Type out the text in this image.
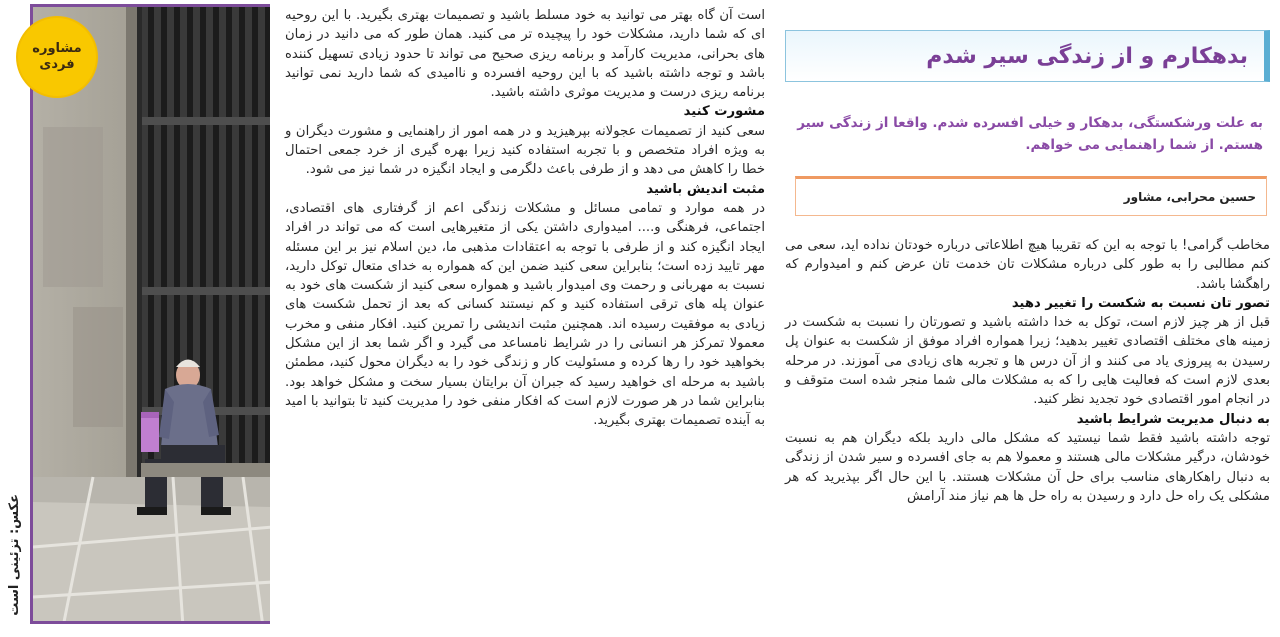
عکس: تزئینی است
مشاوره
فردی

است آن گاه بهتر می توانید به خود مسلط باشید و تصمیمات بهتری بگیرید. با این روحیه ای که شما دارید، مشکلات خود را پیچیده تر می کنید. همان طور که می دانید در زمان های بحرانی، مدیریت کارآمد و برنامه ریزی صحیح می تواند تا حدود زیادی تسهیل کننده باشد و توجه داشته باشید که با این روحیه افسرده و ناامیدی که شما دارید نمی توانید برنامه ریزی درست و مدیریت موثری داشته باشید.

مشورت کنید

سعی کنید از تصمیمات عجولانه بپرهیزید و در همه امور از راهنمایی و مشورت دیگران و به ویژه افراد متخصص و با تجربه استفاده کنید زیرا بهره گیری از خرد جمعی احتمال خطا را کاهش می دهد و از طرفی باعث دلگرمی و ایجاد انگیزه در شما نیز می شود.

مثبت اندیش باشید

در همه موارد و تمامی مسائل و مشکلات زندگی اعم از گرفتاری های اقتصادی، اجتماعی، فرهنگی و.... امیدواری داشتن یکی از متغیرهایی است که می تواند در افراد ایجاد انگیزه کند و از طرفی با توجه به اعتقادات مذهبی ما، دین اسلام نیز بر این مسئله مهر تایید زده است؛ بنابراین سعی کنید ضمن این که همواره به خدای متعال توکل دارید، نسبت به مهربانی و رحمت وی امیدوار باشید و همواره سعی کنید از شکست های خود به عنوان پله های ترقی استفاده کنید و کم نیستند کسانی که بعد از تحمل شکست های زیادی به موفقیت رسیده اند. همچنین مثبت اندیشی را تمرین کنید. افکار منفی و مخرب معمولا تمرکز هر انسانی را در شرایط نامساعد می گیرد و اگر شما بعد از این مشکل بخواهید خود را رها کرده و مسئولیت کار و زندگی خود را به دیگران محول کنید، مطمئن باشید به مرحله ای خواهید رسید که جبران آن برایتان بسیار سخت و مشکل خواهد بود. بنابراین شما در هر صورت لازم است که افکار منفی خود را مدیریت کنید تا بتوانید با امید به آینده تصمیمات بهتری بگیرید.

بدهکارم و از زندگی سیر شدم
به علت ورشکستگی، بدهکار و خیلی افسرده شدم. واقعا از زندگی سیر هستم. از شما راهنمایی می خواهم.
حسین محرابی، مشاور

مخاطب گرامی! با توجه به این که تقریبا هیچ اطلاعاتی درباره خودتان نداده اید، سعی می کنم مطالبی را به طور کلی درباره مشکلات تان خدمت تان عرض کنم و امیدوارم که راهگشا باشد.

تصور تان نسبت به شکست را تغییر دهید

قبل از هر چیز لازم است، توکل به خدا داشته باشید و تصورتان را نسبت به شکست در زمینه های مختلف اقتصادی تغییر بدهید؛ زیرا همواره افراد موفق از شکست به عنوان پل رسیدن به پیروزی یاد می کنند و از آن درس ها و تجربه های زیادی می آموزند. در مرحله بعدی لازم است که فعالیت هایی را که به مشکلات مالی شما منجر شده است متوقف و در انجام امور اقتصادی خود تجدید نظر کنید.

به دنبال مدیریت شرایط باشید

توجه داشته باشید فقط شما نیستید که مشکل مالی دارید بلکه دیگران هم به نسبت خودشان، درگیر مشکلات مالی هستند و معمولا هم به جای افسرده و سیر شدن از زندگی به دنبال راهکارهای مناسب برای حل آن مشکلات هستند. با این حال اگر بپذیرید که هر مشکلی یک راه حل دارد و رسیدن به راه حل ها هم نیاز مند آرامش
